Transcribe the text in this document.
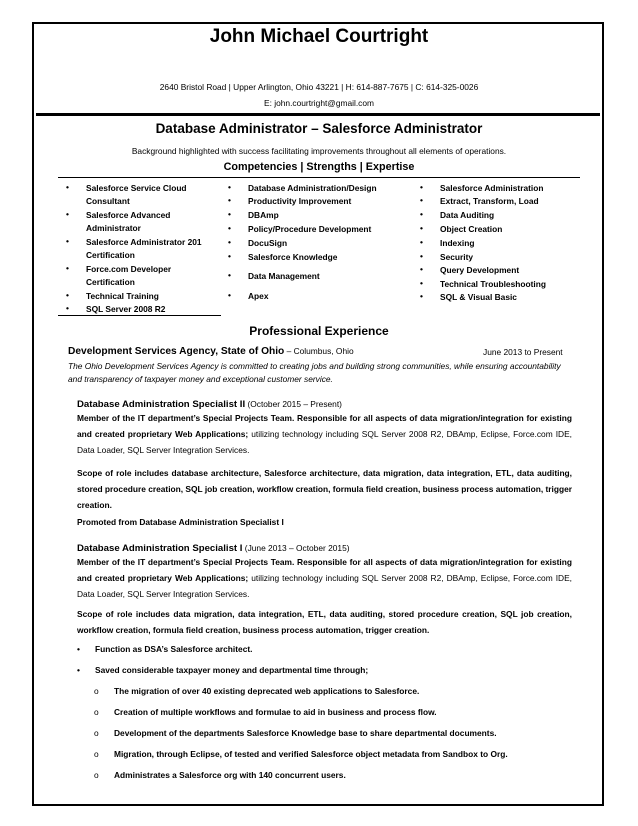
John Michael Courtright
2640 Bristol Road | Upper Arlington, Ohio 43221 | H: 614-887-7675 | C: 614-325-0026
E: john.courtright@gmail.com
Database Administrator – Salesforce Administrator
Background highlighted with success facilitating improvements throughout all elements of operations.
Competencies | Strengths | Expertise
• Salesforce Service Cloud
Consultant
• Salesforce Advanced
Administrator
• Salesforce Administrator 201
Certification
• Force.com Developer
Certification
• Technical Training
• SQL Server 2008 R2
• Database Administration/Design
• Productivity Improvement
• DBAmp
• Policy/Procedure Development
• DocuSign
• Salesforce Knowledge
• Data Management
• Apex
• Salesforce Administration
• Extract, Transform, Load
• Data Auditing
• Object Creation
• Indexing
• Security
• Query Development
• Technical Troubleshooting
• SQL & Visual Basic
Professional Experience
Development Services Agency, State of Ohio – Columbus, Ohio	June 2013 to Present
The Ohio Development Services Agency is committed to creating jobs and building strong communities, while ensuring accountability and transparency of taxpayer money and exceptional customer service.
Database Administration Specialist II (October 2015 – Present)
Member of the IT department’s Special Projects Team. Responsible for all aspects of data migration/integration for existing and created proprietary Web Applications; utilizing technology including SQL Server 2008 R2, DBAmp, Eclipse, Force.com IDE, Data Loader, SQL Server Integration Services.
Scope of role includes database architecture, Salesforce architecture, data migration, data integration, ETL, data auditing, stored procedure creation, SQL job creation, workflow creation, formula field creation, business process automation, trigger creation.
Promoted from Database Administration Specialist I
Database Administration Specialist I (June 2013 – October 2015)
Member of the IT department’s Special Projects Team. Responsible for all aspects of data migration/integration for existing and created proprietary Web Applications; utilizing technology including SQL Server 2008 R2, DBAmp, Eclipse, Force.com IDE, Data Loader, SQL Server Integration Services.
Scope of role includes data migration, data integration, ETL, data auditing, stored procedure creation, SQL job creation, workflow creation, formula field creation, business process automation, trigger creation.
• Function as DSA’s Salesforce architect.
• Saved considerable taxpayer money and departmental time through;
o The migration of over 40 existing deprecated web applications to Salesforce.
o Creation of multiple workflows and formulae to aid in business and process flow.
o Development of the departments Salesforce Knowledge base to share departmental documents.
o Migration, through Eclipse, of tested and verified Salesforce object metadata from Sandbox to Org.
o Administrates a Salesforce org with 140 concurrent users.
